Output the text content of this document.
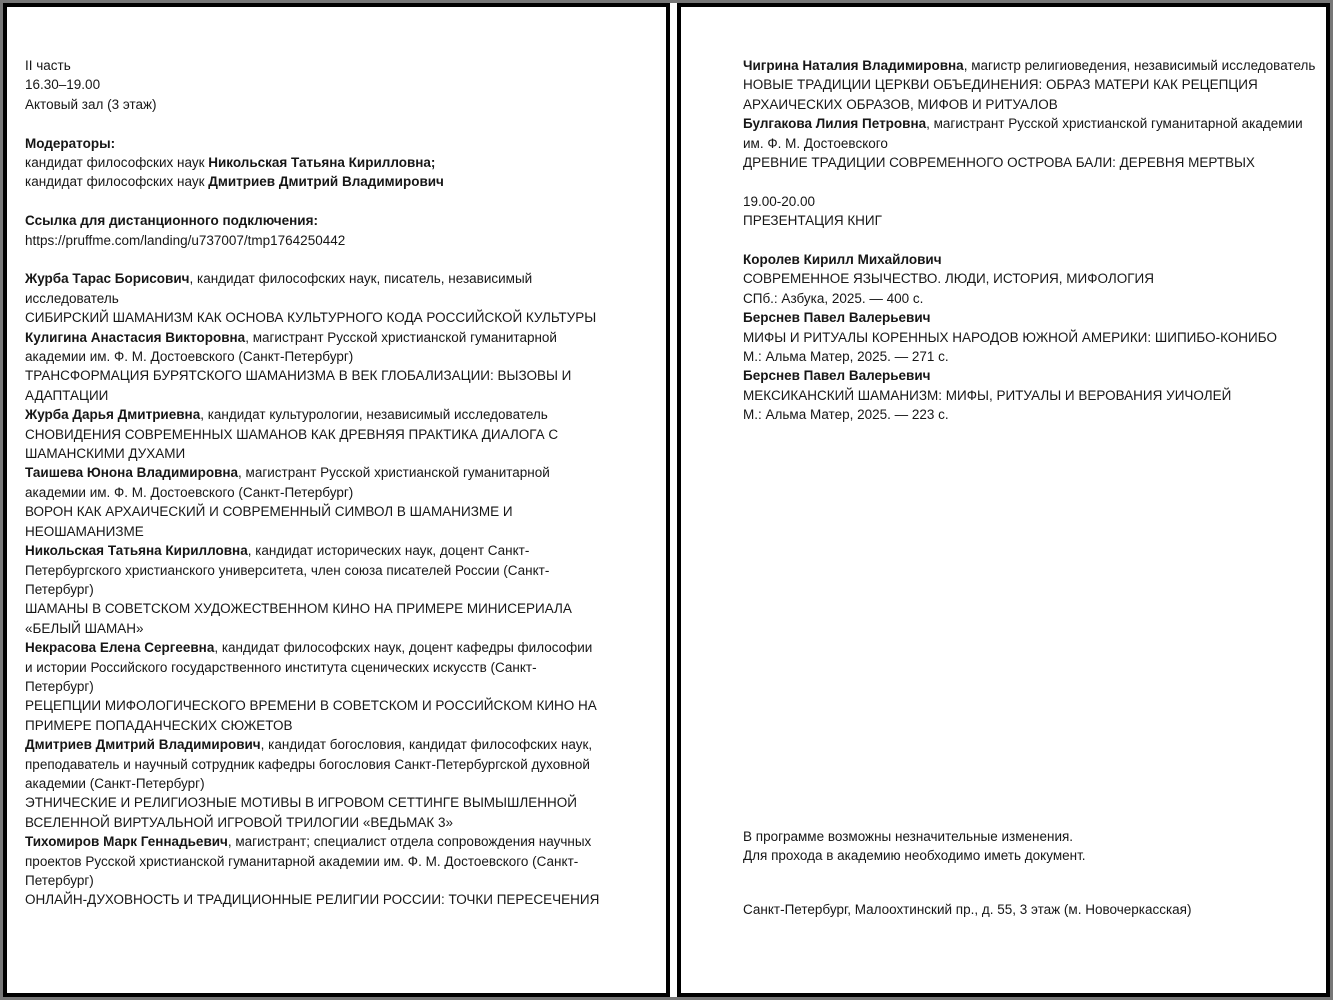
II часть

16.30–19.00

Актовый зал (3 этаж)

Модераторы:

кандидат философских наук Никольская Татьяна Кирилловна;

кандидат философских наук Дмитриев Дмитрий Владимирович

Ссылка для дистанционного подключения:

https://pruffme.com/landing/u737007/tmp1764250442

Журба Тарас Борисович, кандидат философских наук, писатель, независимый исследователь

СИБИРСКИЙ ШАМАНИЗМ КАК ОСНОВА КУЛЬТУРНОГО КОДА РОССИЙСКОЙ КУЛЬТУРЫ

Кулигина Анастасия Викторовна, магистрант Русской христианской гуманитарной академии им. Ф. М. Достоевского (Санкт-Петербург)

ТРАНСФОРМАЦИЯ БУРЯТСКОГО ШАМАНИЗМА В ВЕК ГЛОБАЛИЗАЦИИ: ВЫЗОВЫ И АДАПТАЦИИ

Журба Дарья Дмитриевна, кандидат культурологии, независимый исследователь

СНОВИДЕНИЯ СОВРЕМЕННЫХ ШАМАНОВ КАК ДРЕВНЯЯ ПРАКТИКА ДИАЛОГА С ШАМАНСКИМИ ДУХАМИ

Таишева Юнона Владимировна, магистрант Русской христианской гуманитарной академии им. Ф. М. Достоевского (Санкт-Петербург)

ВОРОН КАК АРХАИЧЕСКИЙ И СОВРЕМЕННЫЙ СИМВОЛ В ШАМАНИЗМЕ И НЕОШАМАНИЗМЕ

Никольская Татьяна Кирилловна, кандидат исторических наук, доцент Санкт-Петербургского христианского университета, член союза писателей России (Санкт-Петербург)

ШАМАНЫ В СОВЕТСКОМ ХУДОЖЕСТВЕННОМ КИНО НА ПРИМЕРЕ МИНИСЕРИАЛА «БЕЛЫЙ ШАМАН»

Некрасова Елена Сергеевна, кандидат философских наук, доцент кафедры философии и истории Российского государственного института сценических искусств (Санкт-Петербург)

РЕЦЕПЦИИ МИФОЛОГИЧЕСКОГО ВРЕМЕНИ В СОВЕТСКОМ И РОССИЙСКОМ КИНО НА ПРИМЕРЕ ПОПАДАНЧЕСКИХ СЮЖЕТОВ

Дмитриев Дмитрий Владимирович, кандидат богословия, кандидат философских наук, преподаватель и научный сотрудник кафедры богословия Санкт-Петербургской духовной академии (Санкт-Петербург)

ЭТНИЧЕСКИЕ И РЕЛИГИОЗНЫЕ МОТИВЫ В ИГРОВОМ СЕТТИНГЕ ВЫМЫШЛЕННОЙ ВСЕЛЕННОЙ ВИРТУАЛЬНОЙ ИГРОВОЙ ТРИЛОГИИ «ВЕДЬМАК 3»

Тихомиров Марк Геннадьевич, магистрант; специалист отдела сопровождения научных проектов Русской христианской гуманитарной академии им. Ф. М. Достоевского (Санкт-Петербург)

ОНЛАЙН-ДУХОВНОСТЬ И ТРАДИЦИОННЫЕ РЕЛИГИИ РОССИИ: ТОЧКИ ПЕРЕСЕЧЕНИЯ

Чигрина Наталия Владимировна, магистр религиоведения, независимый исследователь

НОВЫЕ ТРАДИЦИИ ЦЕРКВИ ОБЪЕДИНЕНИЯ: ОБРАЗ МАТЕРИ КАК РЕЦЕПЦИЯ АРХАИЧЕСКИХ ОБРАЗОВ, МИФОВ И РИТУАЛОВ

Булгакова Лилия Петровна, магистрант Русской христианской гуманитарной академии им. Ф. М. Достоевского

ДРЕВНИЕ ТРАДИЦИИ СОВРЕМЕННОГО ОСТРОВА БАЛИ: ДЕРЕВНЯ МЕРТВЫХ

19.00-20.00

ПРЕЗЕНТАЦИЯ КНИГ

Королев Кирилл Михайлович

СОВРЕМЕННОЕ ЯЗЫЧЕСТВО. ЛЮДИ, ИСТОРИЯ, МИФОЛОГИЯ

СПб.: Азбука, 2025. — 400 с.

Берснев Павел Валерьевич

МИФЫ И РИТУАЛЫ КОРЕННЫХ НАРОДОВ ЮЖНОЙ АМЕРИКИ: ШИПИБО-КОНИБО

М.: Альма Матер, 2025. — 271 с.

Берснев Павел Валерьевич

МЕКСИКАНСКИЙ ШАМАНИЗМ: МИФЫ, РИТУАЛЫ И ВЕРОВАНИЯ УИЧОЛЕЙ

М.: Альма Матер, 2025. — 223 с.

В программе возможны незначительные изменения.

Для прохода в академию необходимо иметь документ.

Санкт-Петербург, Малоохтинский пр., д. 55, 3 этаж (м. Новочеркасская)
